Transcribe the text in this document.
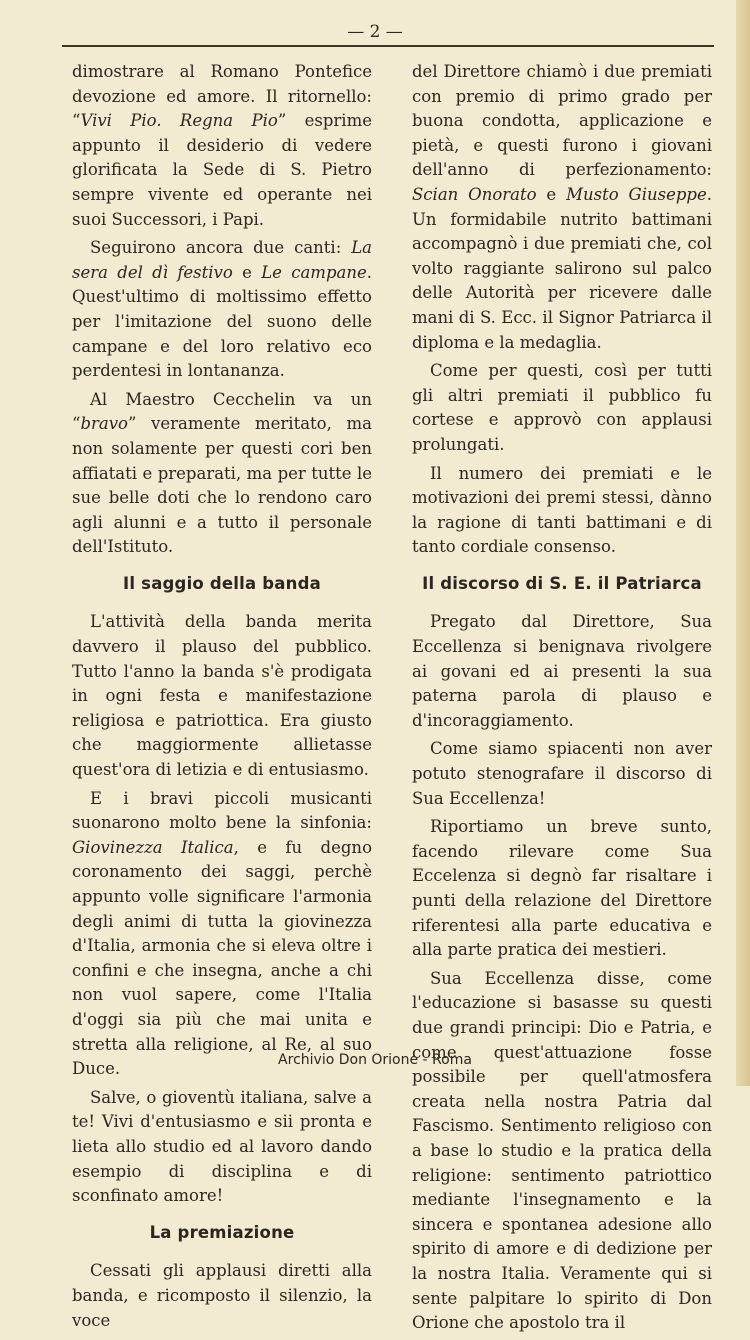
— 2 —

dimostrare al Romano Pontefice devozione ed amore. Il ritornello: “Vivi Pio. Regna Pio” esprime appunto il desiderio di vedere glorificata la Sede di S. Pietro sempre vivente ed operante nei suoi Successori, i Papi.

Seguirono ancora due canti: La sera del dì festivo e Le campane. Quest'ultimo di moltissimo effetto per l'imitazione del suono delle campane e del loro relativo eco perdentesi in lontananza.

Al Maestro Cecchelin va un “bravo” veramente meritato, ma non solamente per questi cori ben affiatati e preparati, ma per tutte le sue belle doti che lo rendono caro agli alunni e a tutto il personale dell'Istituto.

Il saggio della banda

L'attività della banda merita davvero il plauso del pubblico. Tutto l'anno la banda s'è prodigata in ogni festa e manifestazione religiosa e patriottica. Era giusto che maggiormente allietasse quest'ora di letizia e di entusiasmo.

E i bravi piccoli musicanti suonarono molto bene la sinfonia: Giovinezza Italica, e fu degno coronamento dei saggi, perchè appunto volle significare l'armonia degli animi di tutta la giovinezza d'Italia, armonia che si eleva oltre i confini e che insegna, anche a chi non vuol sapere, come l'Italia d'oggi sia più che mai unita e stretta alla religione, al Re, al suo Duce.

Salve, o gioventù italiana, salve a te! Vivi d'entusiasmo e sii pronta e lieta allo studio ed al lavoro dando esempio di disciplina e di sconfinato amore!

La premiazione

Cessati gli applausi diretti alla banda, e ricomposto il silenzio, la voce

del Direttore chiamò i due premiati con premio di primo grado per buona condotta, applicazione e pietà, e questi furono i giovani dell'anno di perfezionamento: Scian Onorato e Musto Giuseppe. Un formidabile nutrito battimani accompagnò i due premiati che, col volto raggiante salirono sul palco delle Autorità per ricevere dalle mani di S. Ecc. il Signor Patriarca il diploma e la medaglia.

Come per questi, così per tutti gli altri premiati il pubblico fu cortese e approvò con applausi prolungati.

Il numero dei premiati e le motivazioni dei premi stessi, dànno la ragione di tanti battimani e di tanto cordiale consenso.

Il discorso di S. E. il Patriarca

Pregato dal Direttore, Sua Eccellenza si benignava rivolgere ai govani ed ai presenti la sua paterna parola di plauso e d'incoraggiamento.

Come siamo spiacenti non aver potuto stenografare il discorso di Sua Eccellenza!

Riportiamo un breve sunto, facendo rilevare come Sua Eccelenza si degnò far risaltare i punti della relazione del Direttore riferentesi alla parte educativa e alla parte pratica dei mestieri.

Sua Eccellenza disse, come l'educazione si basasse su questi due grandi principi: Dio e Patria, e come quest'attuazione fosse possibile per quell'atmosfera creata nella nostra Patria dal Fascismo. Sentimento religioso con a base lo studio e la pratica della religione: sentimento patriottico mediante l'insegnamento e la sincera e spontanea adesione allo spirito di amore e di dedizione per la nostra Italia. Veramente qui si sente palpitare lo spirito di Don Orione che apostolo tra il

Archivio Don Orione - Roma
